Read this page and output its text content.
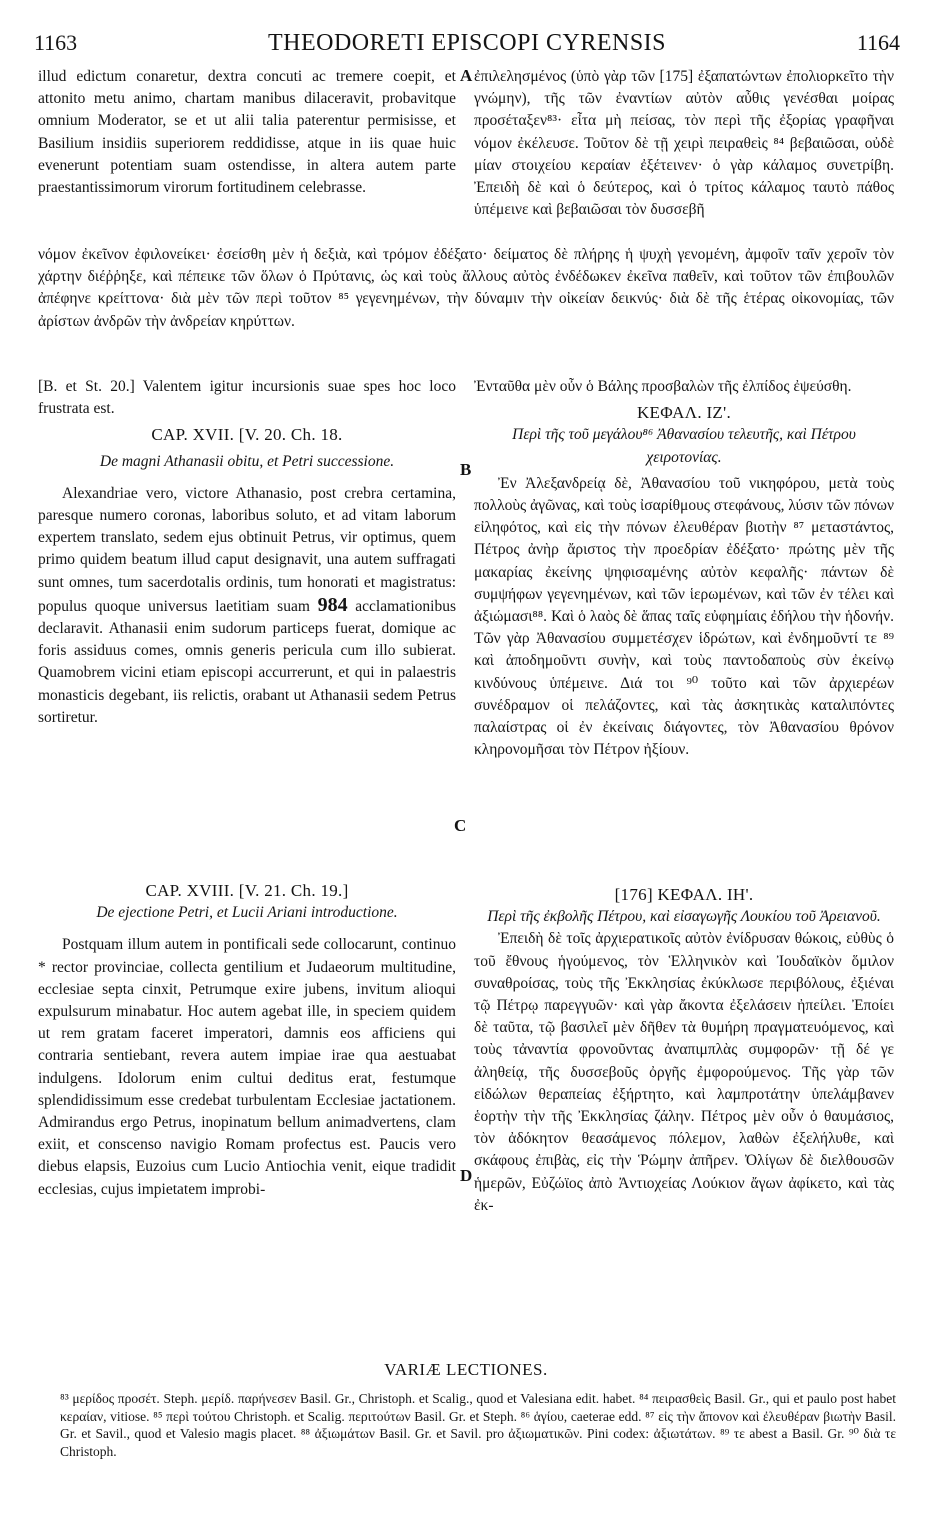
1163	THEODORETI EPISCOPI CYRENSIS	1164

illud edictum conaretur, dextra concuti ac tremere coepit, et attonito metu animo, chartam manibus dilaceravit, probavitque omnium Moderator, se et ut alii talia paterentur permisisse, et Basilium insidiis superiorem reddidisse, atque in iis quae huic evenerunt potentiam suam ostendisse, in altera autem parte praestantissimorum virorum fortitudinem celebrasse.

A ἐπιλελησμένος (ὑπὸ γὰρ τῶν [175] ἐξαπατώντων ἐπολιορκεῖτο τὴν γνώμην), τῆς τῶν ἐναντίων αὐτὸν αὖθις γενέσθαι μοίρας προσέταξεν⁸³· εἶτα μὴ πείσας, τὸν περὶ τῆς ἐξορίας γραφῆναι νόμον ἐκέλευσε. Τοῦτον δὲ τῇ χειρὶ πειραθεὶς ⁸⁴ βεβαιῶσαι, οὐδὲ μίαν στοιχείου κεραίαν ἐξέτεινεν· ὁ γὰρ κάλαμος συνετρίβη. Ἐπειδὴ δὲ καὶ ὁ δεύτερος, καὶ ὁ τρίτος κάλαμος ταυτὸ πάθος ὑπέμεινε καὶ βεβαιῶσαι τὸν δυσσεβῆ

νόμον ἐκεῖνον ἐφιλονείκει· ἐσείσθη μὲν ἡ δεξιὰ, καὶ τρόμον ἐδέξατο· δείματος δὲ πλήρης ἡ ψυχὴ γενομένη, ἀμφοῖν ταῖν χεροῖν τὸν χάρτην διέῤῥηξε, καὶ πέπεικε τῶν ὅλων ὁ Πρύτανις, ὡς καὶ τοὺς ἄλλους αὐτὸς ἐνδέδωκεν ἐκεῖνα παθεῖν, καὶ τοῦτον τῶν ἐπιβουλῶν ἀπέφηνε κρείττονα· διὰ μὲν τῶν περὶ τοῦτον ⁸⁵ γεγενημένων, τὴν δύναμιν τὴν οἰκείαν δεικνύς· διὰ δὲ τῆς ἑτέρας οἰκονομίας, τῶν ἀρίστων ἀνδρῶν τὴν ἀνδρείαν κηρύττων.

[B. et St. 20.] Valentem igitur incursionis suae spes hoc loco frustrata est.

CAP. XVII. [V. 20. Ch. 18.

De magni Athanasii obitu, et Petri successione.

Alexandriae vero, victore Athanasio, post crebra certamina, paresque numero coronas, laboribus soluto, et ad vitam laborum expertem translato, sedem ejus obtinuit Petrus, vir optimus, quem primo quidem beatum illud caput designavit, una autem suffragati sunt omnes, tum sacerdotalis ordinis, tum honorati et magistratus: populus quoque universus laetitiam suam 984 acclamationibus declaravit. Athanasii enim sudorum particeps fuerat, domique ac foris assiduus comes, omnis generis pericula cum illo subierat. Quamobrem vicini etiam episcopi accurrerunt, et qui in palaestris monasticis degebant, iis relictis, orabant ut Athanasii sedem Petrus sortiretur.

B

Ἐνταῦθα μὲν οὖν ὁ Βάλης προσβαλὼν τῆς ἐλπίδος ἐψεύσθη.

ΚΕΦΑΛ. ΙΖ'.

Περὶ τῆς τοῦ μεγάλου⁸⁶ Ἀθανασίου τελευτῆς, καὶ Πέτρου χειροτονίας.

Ἐν Ἀλεξανδρείᾳ δὲ, Ἀθανασίου τοῦ νικηφόρου, μετὰ τοὺς πολλοὺς ἀγῶνας, καὶ τοὺς ἰσαρίθμους στεφάνους, λύσιν τῶν πόνων εἰληφότος, καὶ εἰς τὴν πόνων ἐλευθέραν βιοτὴν ⁸⁷ μεταστάντος, Πέτρος ἀνὴρ ἄριστος τὴν προεδρίαν ἐδέξατο· πρώτης μὲν τῆς μακαρίας ἐκείνης ψηφισαμένης αὐτὸν κεφαλῆς· πάντων δὲ συμψήφων γεγενημένων, καὶ τῶν ἱερωμένων, καὶ τῶν ἐν τέλει καὶ ἀξιώμασι⁸⁸. Καὶ ὁ λαὸς δὲ ἅπας ταῖς εὐφημίαις ἐδήλου τὴν ἡδονήν. Τῶν γὰρ Ἀθανασίου συμμετέσχεν ἱδρώτων, καὶ ἐνδημοῦντί τε ⁸⁹ καὶ ἀποδημοῦντι συνὴν, καὶ τοὺς παντοδαποὺς σὺν ἐκείνῳ κινδύνους ὑπέμεινε. Διά τοι ⁹⁰ τοῦτο καὶ τῶν ἀρχιερέων συνέδραμον οἱ πελάζοντες, καὶ τὰς ἀσκητικὰς καταλιπόντες παλαίστρας οἱ ἐν ἐκείναις διάγοντες, τὸν Ἀθανασίου θρόνον κληρονομῆσαι τὸν Πέτρον ἠξίουν.

C

CAP. XVIII. [V. 21. Ch. 19.]

De ejectione Petri, et Lucii Ariani introductione.

Postquam illum autem in pontificali sede collocarunt, continuo * rector provinciae, collecta gentilium et Judaeorum multitudine, ecclesiae septa cinxit, Petrumque exire jubens, invitum alioqui expulsurum minabatur. Hoc autem agebat ille, in speciem quidem ut rem gratam faceret imperatori, damnis eos afficiens qui contraria sentiebant, revera autem impiae irae qua aestuabat indulgens. Idolorum enim cultui deditus erat, festumque splendidissimum esse credebat turbulentam Ecclesiae jactationem. Admirandus ergo Petrus, inopinatum bellum animadvertens, clam exiit, et conscenso navigio Romam profectus est. Paucis vero diebus elapsis, Euzoius cum Lucio Antiochia venit, eique tradidit ecclesias, cujus impietatem improbi-

D

[176] ΚΕΦΑΛ. ΙΗ'.

Περὶ τῆς ἐκβολῆς Πέτρου, καὶ εἰσαγωγῆς Λουκίου τοῦ Ἀρειανοῦ.

Ἐπειδὴ δὲ τοῖς ἀρχιερατικοῖς αὐτὸν ἐνίδρυσαν θώκοις, εὐθὺς ὁ τοῦ ἔθνους ἡγούμενος, τὸν Ἑλληνικὸν καὶ Ἰουδαϊκὸν ὅμιλον συναθροίσας, τοὺς τῆς Ἐκκλησίας ἐκύκλωσε περιβόλους, ἐξιέναι τῷ Πέτρῳ παρεγγυῶν· καὶ γὰρ ἄκοντα ἐξελάσειν ἠπείλει. Ἐποίει δὲ ταῦτα, τῷ βασιλεῖ μὲν δῆθεν τὰ θυμήρη πραγματευόμενος, καὶ τοὺς τἀναντία φρονοῦντας ἀναπιμπλὰς συμφορῶν· τῇ δέ γε ἀληθείᾳ, τῆς δυσσεβοῦς ὀργῆς ἐμφορούμενος. Τῆς γὰρ τῶν εἰδώλων θεραπείας ἐξήρτητο, καὶ λαμπροτάτην ὑπελάμβανεν ἑορτὴν τὴν τῆς Ἐκκλησίας ζάλην. Πέτρος μὲν οὖν ὁ θαυμάσιος, τὸν ἀδόκητον θεασάμενος πόλεμον, λαθὼν ἐξελήλυθε, καὶ σκάφους ἐπιβὰς, εἰς τὴν Ῥώμην ἀπῆρεν. Ὀλίγων δὲ διελθουσῶν ἡμερῶν, Εὐζώϊος ἀπὸ Ἀντιοχείας Λούκιον ἄγων ἀφίκετο, καὶ τὰς ἐκ-

VARIÆ LECTIONES.

⁸³ μερίδος προσέτ. Steph. μερίδ. παρήνεσεν Basil. Gr., Christoph. et Scalig., quod et Valesiana edit. habet. ⁸⁴ πειρασθεὶς Basil. Gr., qui et paulo post habet κεραίαν, vitiose. ⁸⁵ περὶ τούτου Christoph. et Scalig. περιτούτων Basil. Gr. et Steph. ⁸⁶ ἁγίου, caeterae edd. ⁸⁷ εἰς τὴν ἄπονον καὶ ἐλευθέραν βιωτὴν Basil. Gr. et Savil., quod et Valesio magis placet. ⁸⁸ ἀξιωμάτων Basil. Gr. et Savil. pro ἀξιωματικῶν. Pini codex: ἀξιωτάτων. ⁸⁹ τε abest a Basil. Gr. ⁹⁰ διὰ τε Christoph.
